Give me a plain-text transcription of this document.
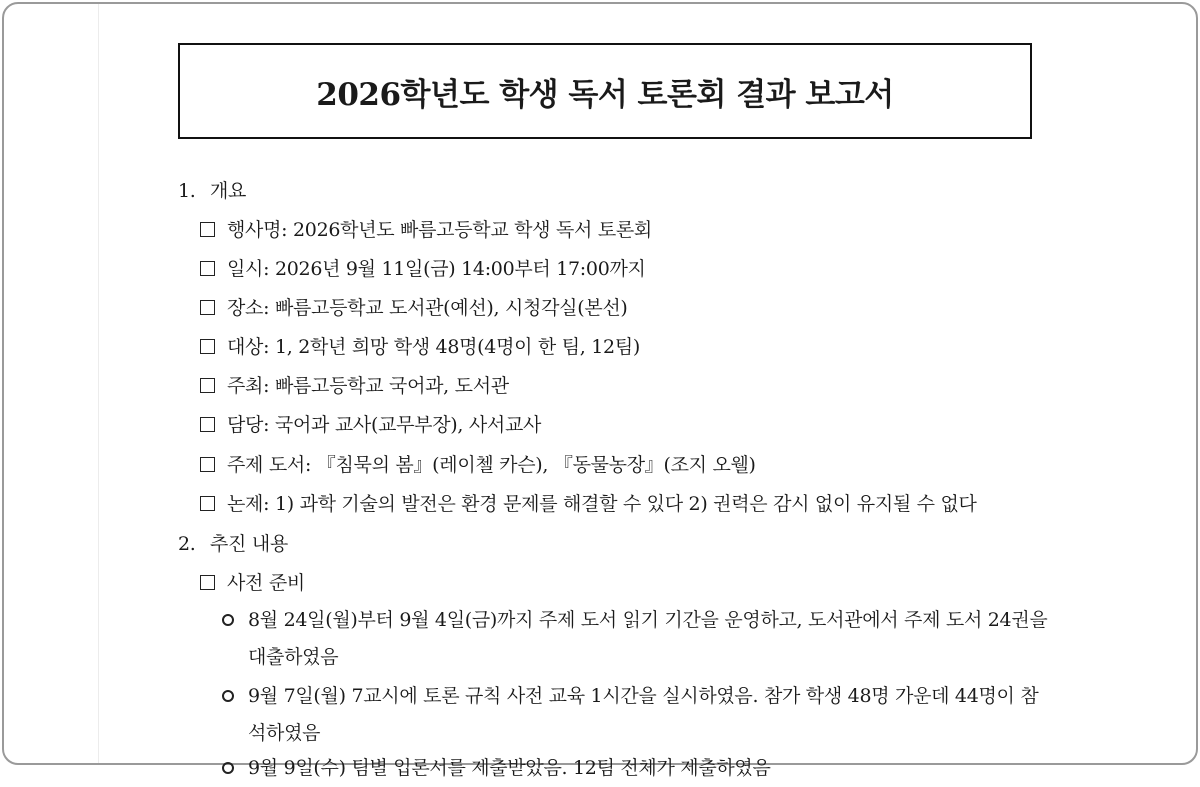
2026학년도 학생 독서 토론회 결과 보고서
1. 개요
행사명: 2026학년도 빠름고등학교 학생 독서 토론회
일시: 2026년 9월 11일(금) 14:00부터 17:00까지
장소: 빠름고등학교 도서관(예선), 시청각실(본선)
대상: 1, 2학년 희망 학생 48명(4명이 한 팀, 12팀)
주최: 빠름고등학교 국어과, 도서관
담당: 국어과 교사(교무부장), 사서교사
주제 도서: 『침묵의 봄』(레이첼 카슨), 『동물농장』(조지 오웰)
논제: 1) 과학 기술의 발전은 환경 문제를 해결할 수 있다 2) 권력은 감시 없이 유지될 수 없다
2. 추진 내용
사전 준비
8월 24일(월)부터 9월 4일(금)까지 주제 도서 읽기 기간을 운영하고, 도서관에서 주제 도서 24권을 대출하였음
9월 7일(월) 7교시에 토론 규칙 사전 교육 1시간을 실시하였음. 참가 학생 48명 가운데 44명이 참석하였음
9월 9일(수) 팀별 입론서를 제출받았음. 12팀 전체가 제출하였음
